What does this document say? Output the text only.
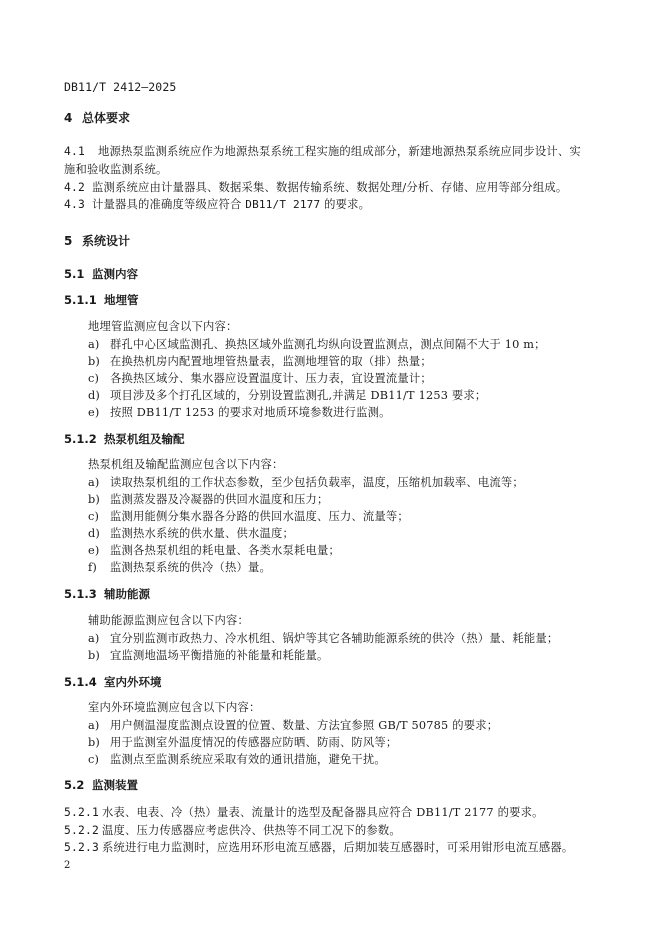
DB11/T 2412—2025
4 总体要求
4.1 地源热泵监测系统应作为地源热泵系统工程实施的组成部分，新建地源热泵系统应同步设计、实
施和验收监测系统。
4.2 监测系统应由计量器具、数据采集、数据传输系统、数据处理/分析、存储、应用等部分组成。
4.3 计量器具的准确度等级应符合 DB11/T 2177 的要求。
5 系统设计
5.1 监测内容
5.1.1 地埋管
地埋管监测应包含以下内容：
a) 群孔中心区域监测孔、换热区域外监测孔均纵向设置监测点，测点间隔不大于 10 m；
b) 在换热机房内配置地埋管热量表，监测地埋管的取（排）热量；
c) 各换热区域分、集水器应设置温度计、压力表，宜设置流量计；
d) 项目涉及多个打孔区域的，分别设置监测孔,并满足 DB11/T 1253 要求；
e) 按照 DB11/T 1253 的要求对地质环境参数进行监测。
5.1.2 热泵机组及输配
热泵机组及输配监测应包含以下内容：
a) 读取热泵机组的工作状态参数，至少包括负载率，温度，压缩机加载率、电流等；
b) 监测蒸发器及冷凝器的供回水温度和压力；
c) 监测用能侧分集水器各分路的供回水温度、压力、流量等；
d) 监测热水系统的供水量、供水温度；
e) 监测各热泵机组的耗电量、各类水泵耗电量；
f) 监测热泵系统的供冷（热）量。
5.1.3 辅助能源
辅助能源监测应包含以下内容：
a) 宜分别监测市政热力、冷水机组、锅炉等其它各辅助能源系统的供冷（热）量、耗能量；
b) 宜监测地温场平衡措施的补能量和耗能量。
5.1.4 室内外环境
室内外环境监测应包含以下内容：
a) 用户侧温湿度监测点设置的位置、数量、方法宜参照 GB/T 50785 的要求；
b) 用于监测室外温度情况的传感器应防晒、防雨、防风等；
c) 监测点至监测系统应采取有效的通讯措施，避免干扰。
5.2 监测装置
5.2.1 水表、电表、冷（热）量表、流量计的选型及配备器具应符合 DB11/T 2177 的要求。
5.2.2 温度、压力传感器应考虑供冷、供热等不同工况下的参数。
5.2.3 系统进行电力监测时，应选用环形电流互感器，后期加装互感器时，可采用钳形电流互感器。
2
